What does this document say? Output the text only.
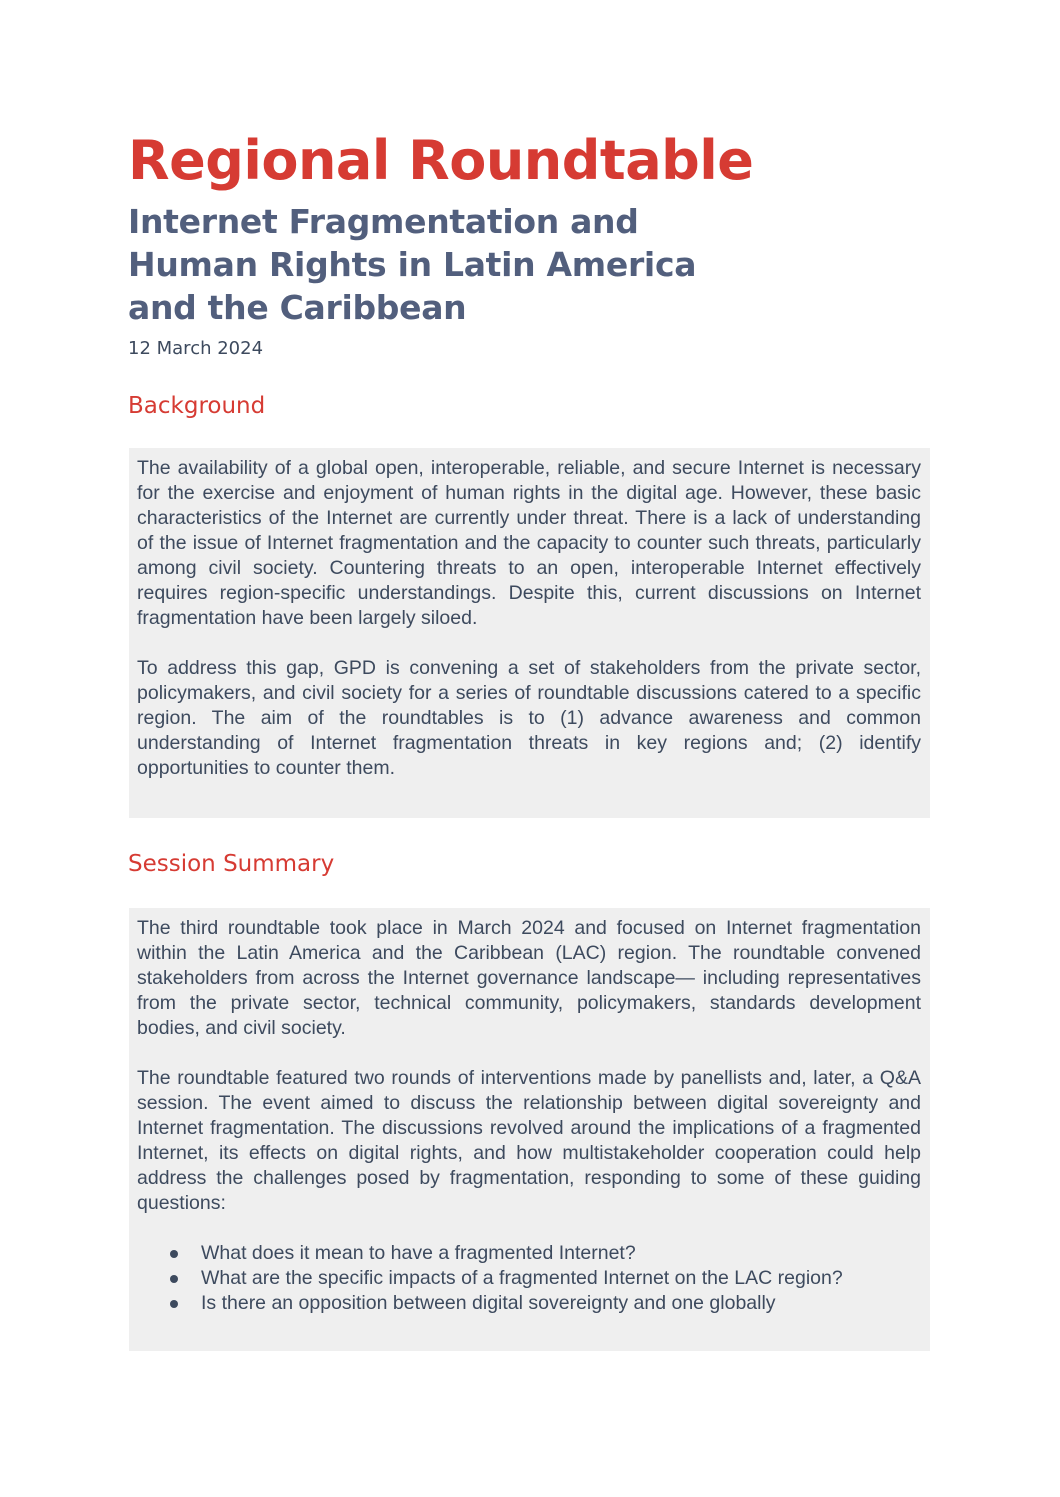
Regional Roundtable
Internet Fragmentation and Human Rights in Latin America and the Caribbean
12 March 2024
Background

The availability of a global open, interoperable, reliable, and secure Internet is necessary for the exercise and enjoyment of human rights in the digital age. However, these basic characteristics of the Internet are currently under threat. There is a lack of understanding of the issue of Internet fragmentation and the capacity to counter such threats, particularly among civil society. Countering threats to an open, interoperable Internet effectively requires region-specific understandings. Despite this, current discussions on Internet fragmentation have been largely siloed.

To address this gap, GPD is convening a set of stakeholders from the private sector, policymakers, and civil society for a series of roundtable discussions catered to a specific region. The aim of the roundtables is to (1) advance awareness and common understanding of Internet fragmentation threats in key regions and; (2) identify opportunities to counter them.

Session Summary

The third roundtable took place in March 2024 and focused on Internet fragmentation within the Latin America and the Caribbean (LAC) region. The roundtable convened stakeholders from across the Internet governance landscape— including representatives from the private sector, technical community, policymakers, standards development bodies, and civil society.

The roundtable featured two rounds of interventions made by panellists and, later, a Q&A session. The event aimed to discuss the relationship between digital sovereignty and Internet fragmentation. The discussions revolved around the implications of a fragmented Internet, its effects on digital rights, and how multistakeholder cooperation could help address the challenges posed by fragmentation, responding to some of these guiding questions:

What does it mean to have a fragmented Internet?
What are the specific impacts of a fragmented Internet on the LAC region?
Is there an opposition between digital sovereignty and one globally
